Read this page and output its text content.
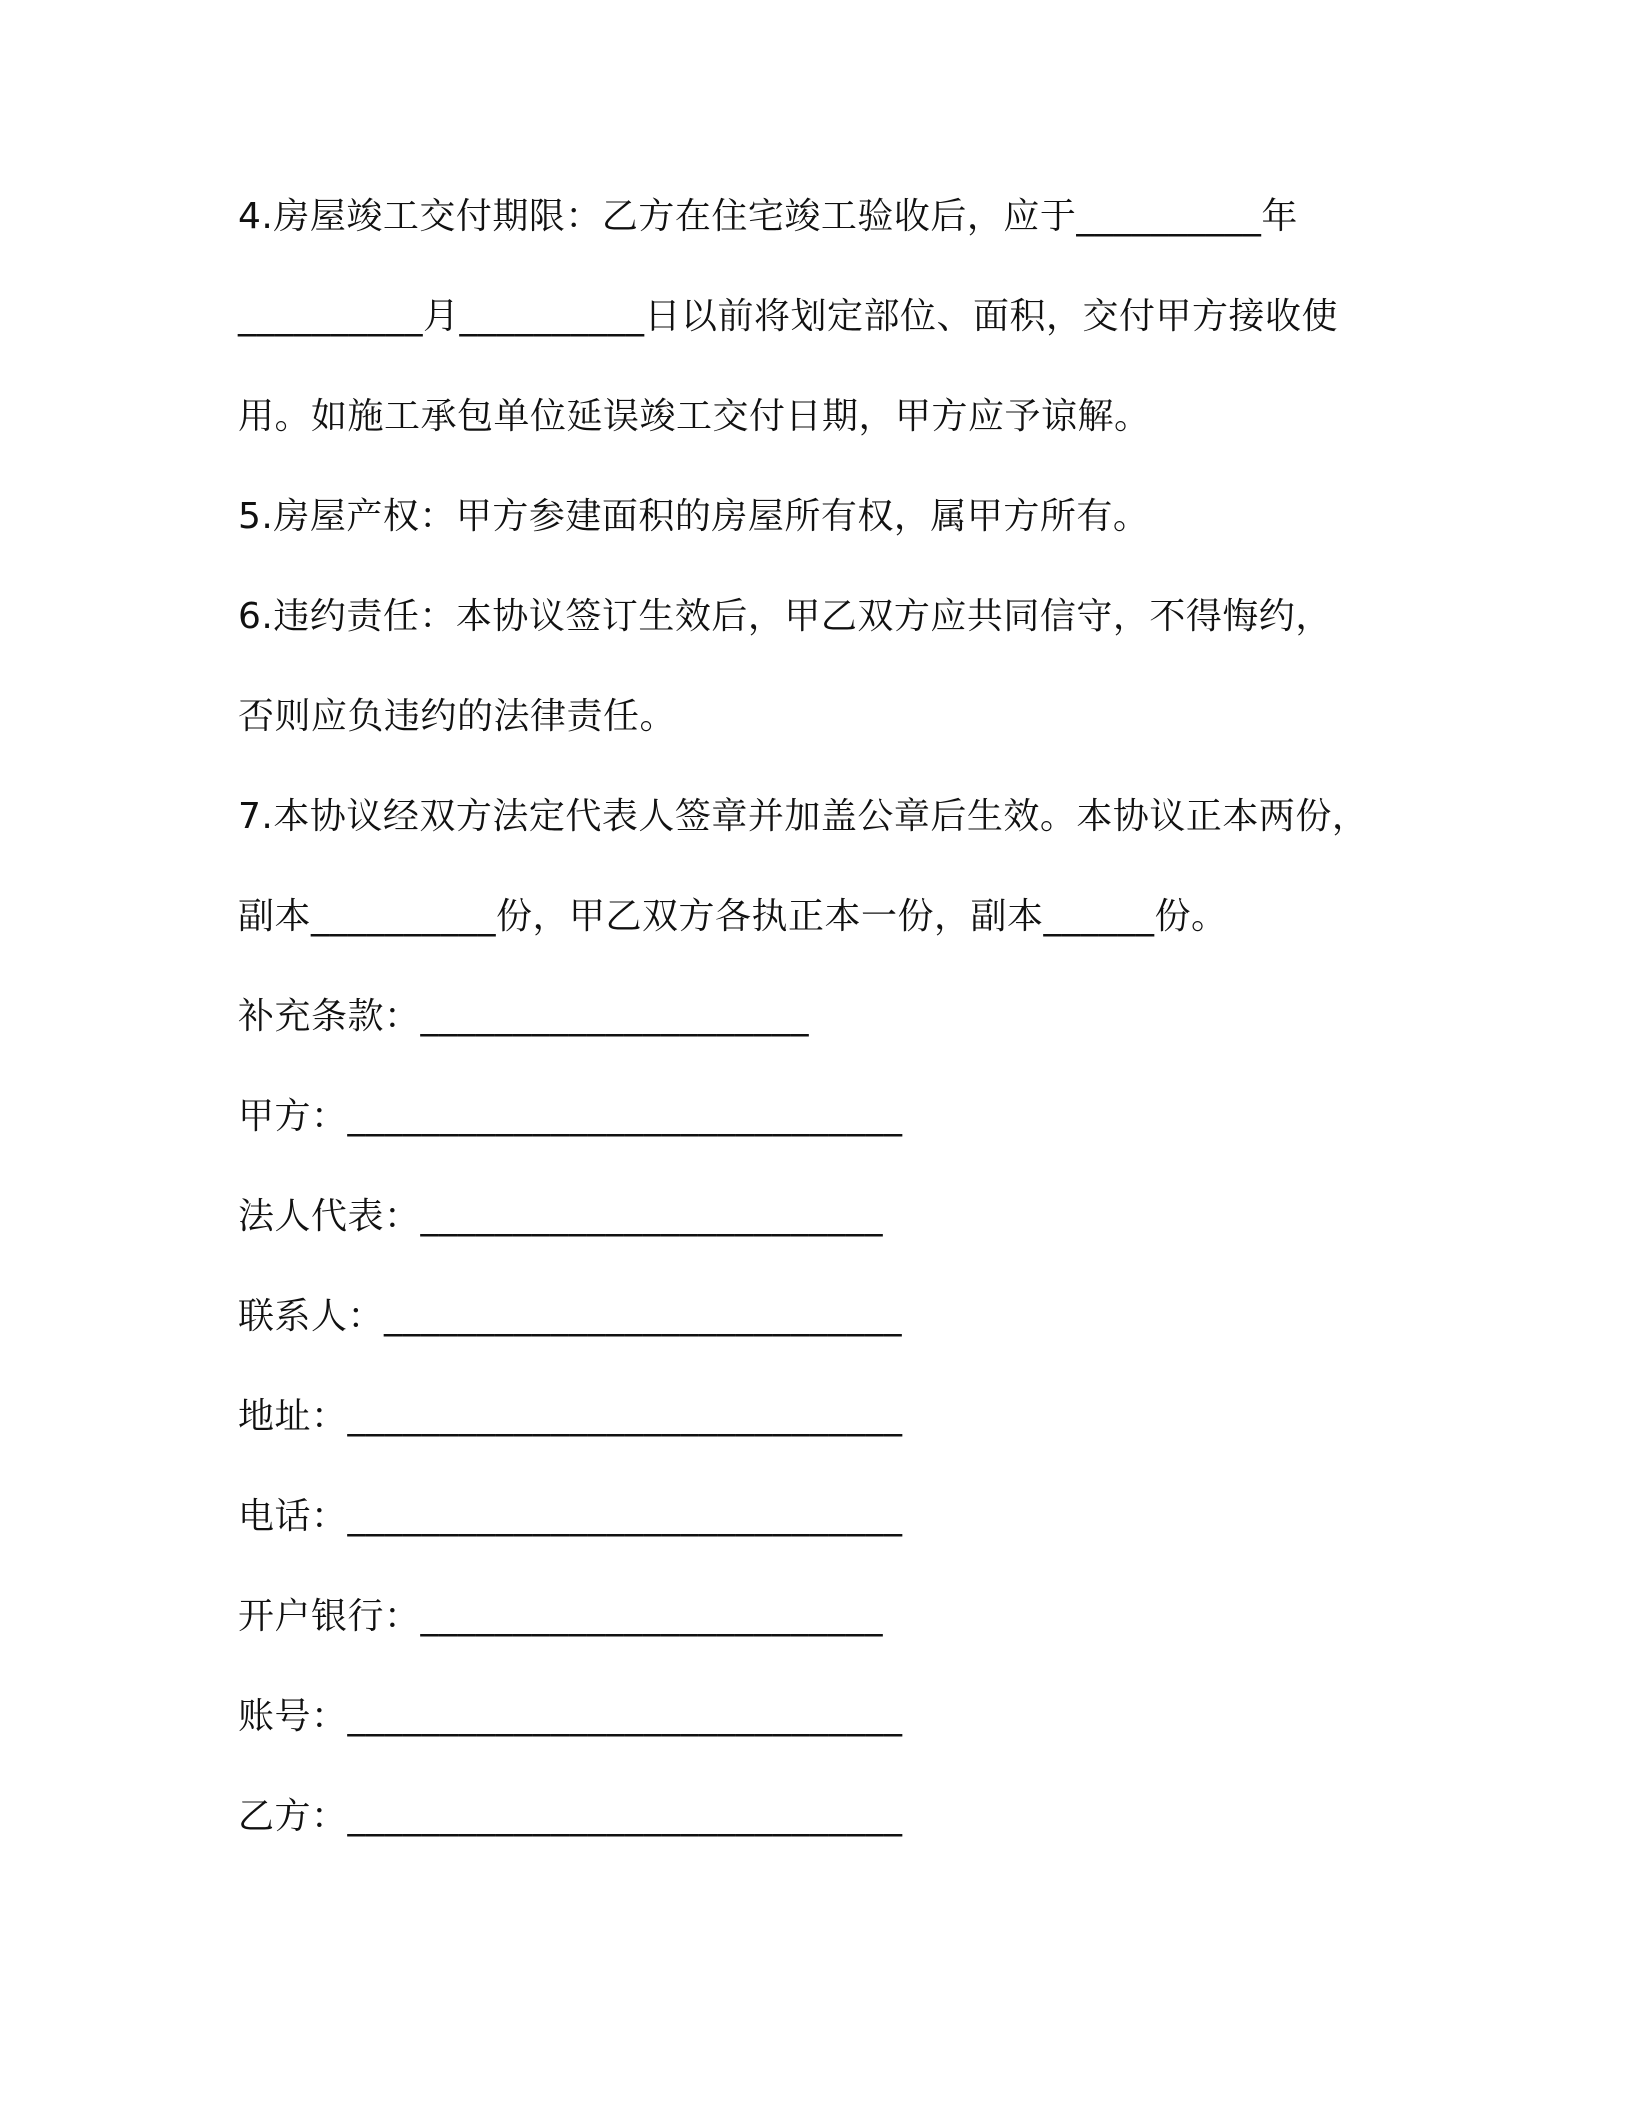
4.房屋竣工交付期限：乙方在住宅竣工验收后，应于__________年
__________月__________日以前将划定部位、面积，交付甲方接收使
用。如施工承包单位延误竣工交付日期，甲方应予谅解。
5.房屋产权：甲方参建面积的房屋所有权，属甲方所有。
6.违约责任：本协议签订生效后，甲乙双方应共同信守，不得悔约，
否则应负违约的法律责任。
7.本协议经双方法定代表人签章并加盖公章后生效。本协议正本两份，
副本__________份，甲乙双方各执正本一份，副本______份。
补充条款：_____________________
甲方：______________________________
法人代表：_________________________
联系人：____________________________
地址：______________________________
电话：______________________________
开户银行：_________________________
账号：______________________________
乙方：______________________________
